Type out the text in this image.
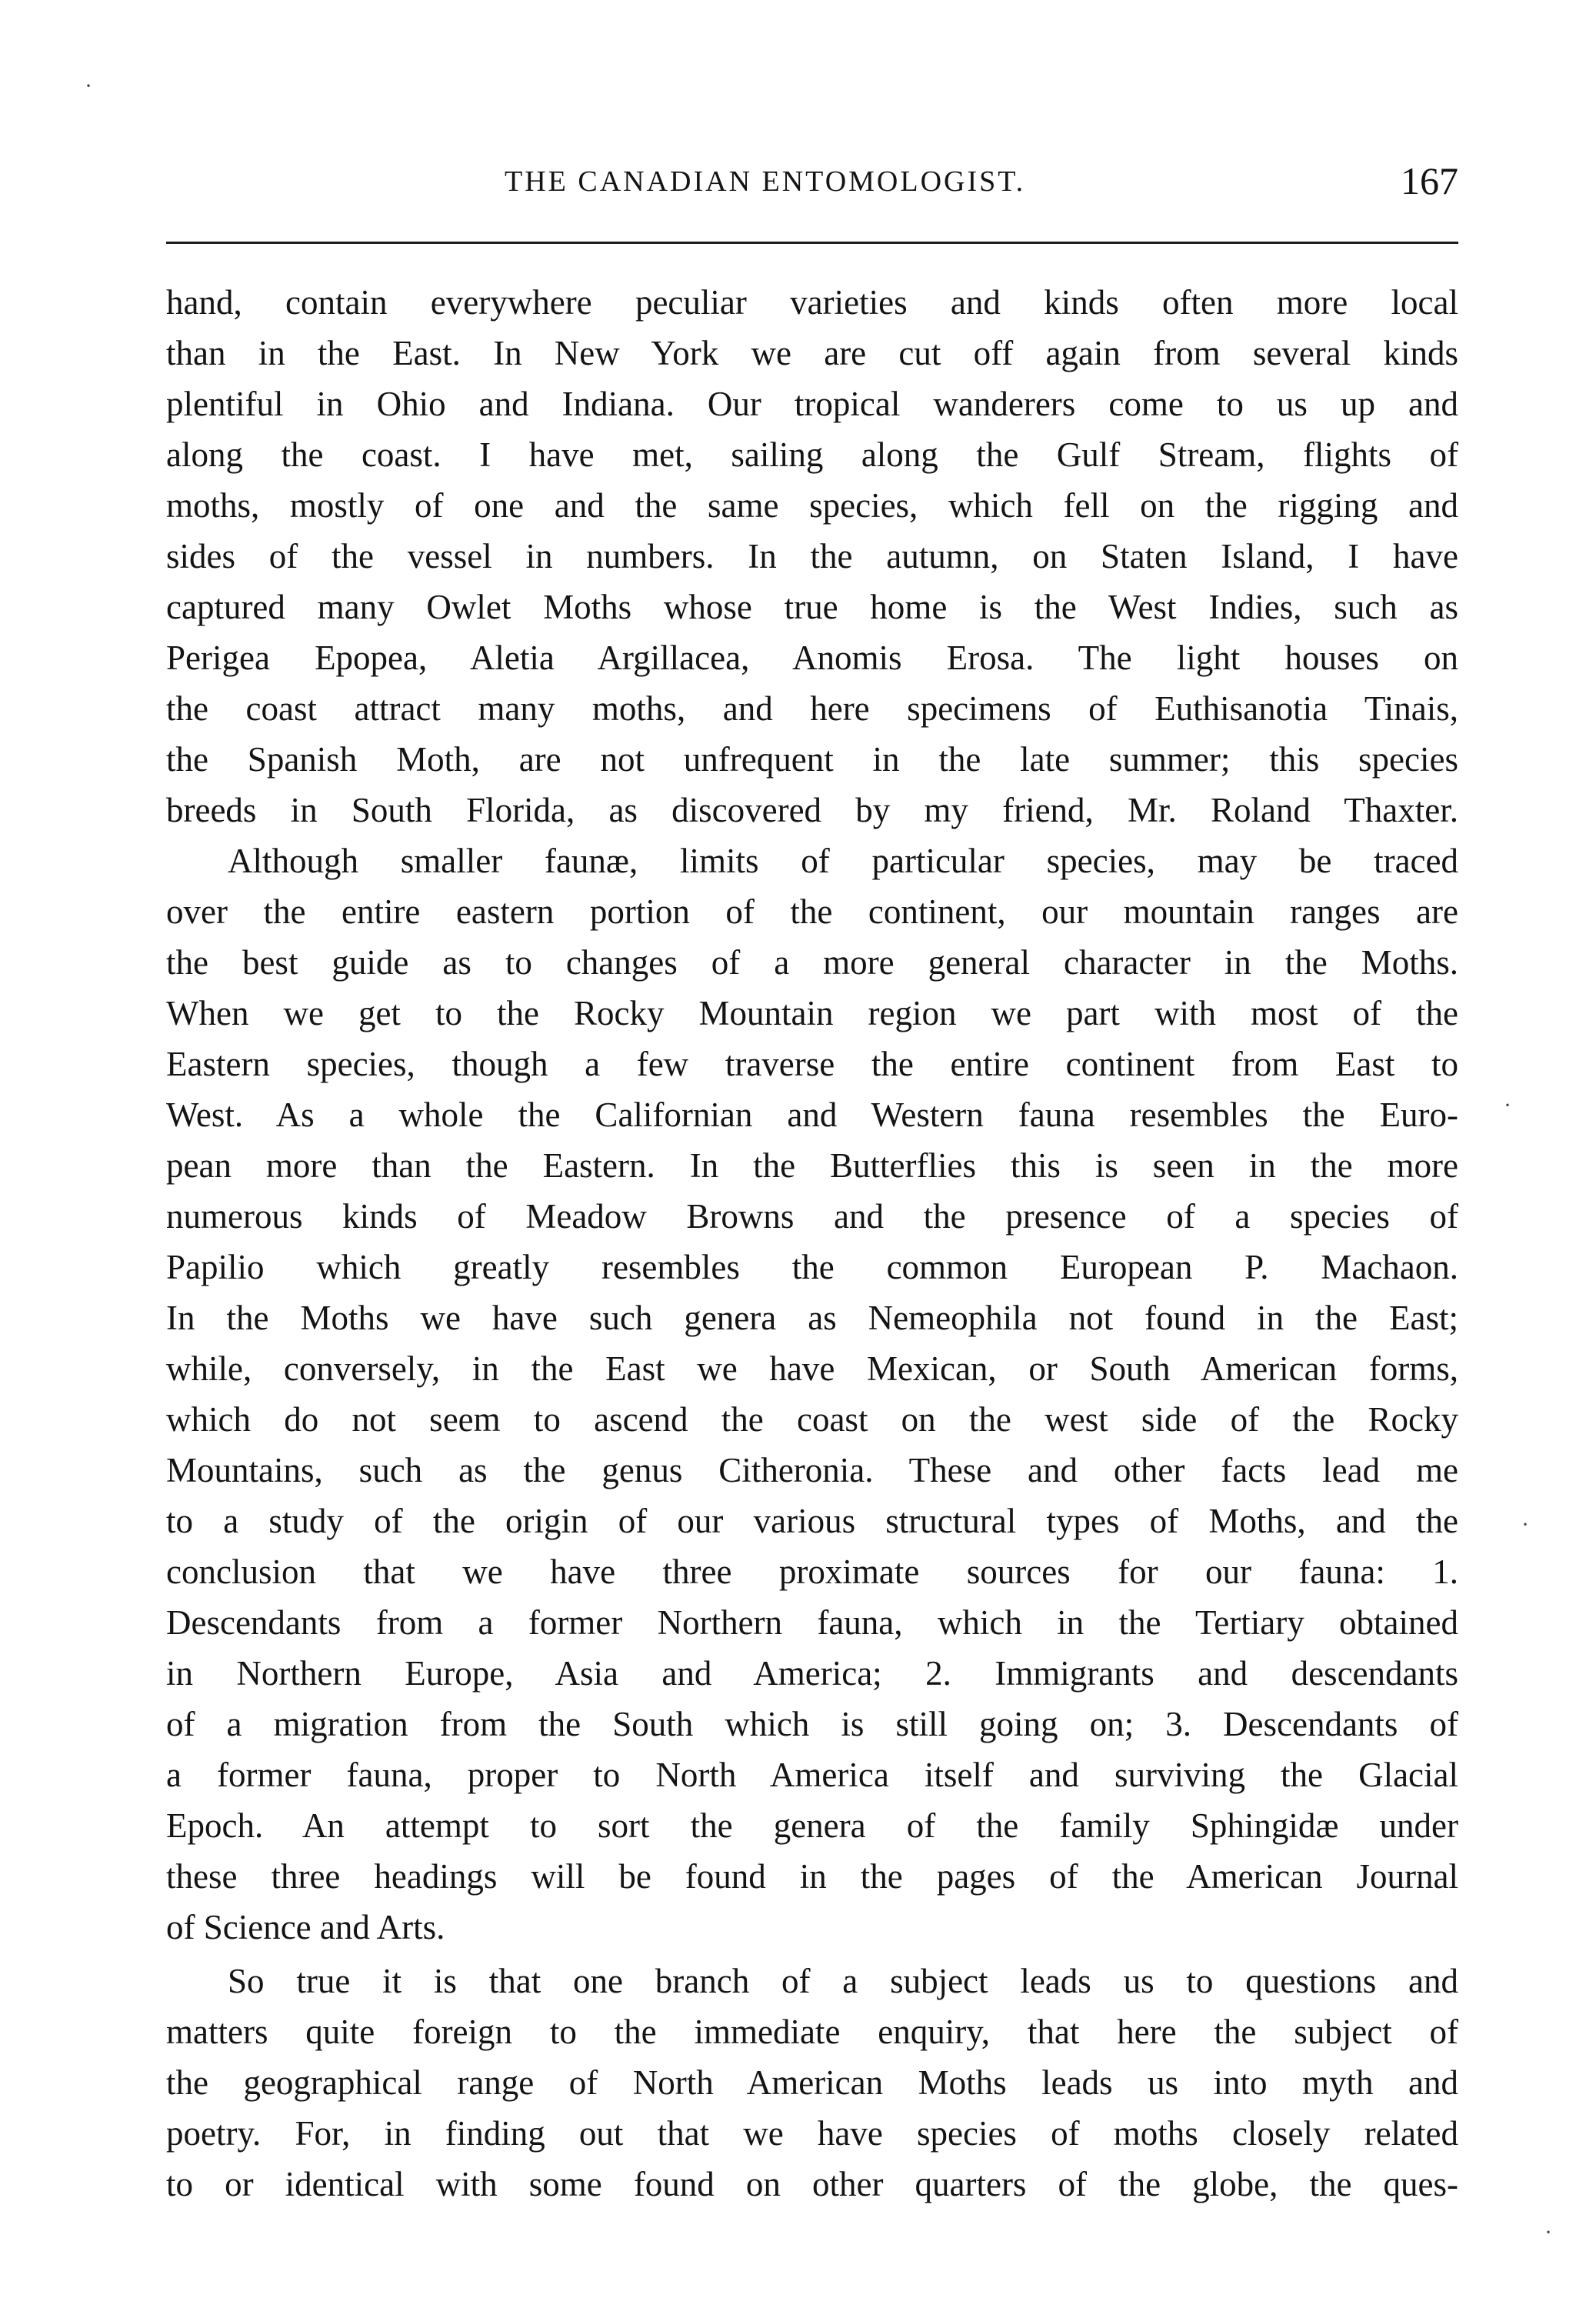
THE CANADIAN ENTOMOLOGIST.	167
hand, contain everywhere peculiar varieties and kinds often more local
than in the East. In New York we are cut off again from several kinds
plentiful in Ohio and Indiana. Our tropical wanderers come to us up and
along the coast. I have met, sailing along the Gulf Stream, flights of
moths, mostly of one and the same species, which fell on the rigging and
sides of the vessel in numbers. In the autumn, on Staten Island, I have
captured many Owlet Moths whose true home is the West Indies, such as
Perigea Epopea, Aletia Argillacea, Anomis Erosa. The light houses on
the coast attract many moths, and here specimens of Euthisanotia Tinais,
the Spanish Moth, are not unfrequent in the late summer; this species
breeds in South Florida, as discovered by my friend, Mr. Roland Thaxter.
Although smaller faunæ, limits of particular species, may be traced
over the entire eastern portion of the continent, our mountain ranges are
the best guide as to changes of a more general character in the Moths.
When we get to the Rocky Mountain region we part with most of the
Eastern species, though a few traverse the entire continent from East to
West. As a whole the Californian and Western fauna resembles the Euro-
pean more than the Eastern. In the Butterflies this is seen in the more
numerous kinds of Meadow Browns and the presence of a species of
Papilio which greatly resembles the common European P. Machaon.
In the Moths we have such genera as Nemeophila not found in the East;
while, conversely, in the East we have Mexican, or South American forms,
which do not seem to ascend the coast on the west side of the Rocky
Mountains, such as the genus Citheronia. These and other facts lead me
to a study of the origin of our various structural types of Moths, and the
conclusion that we have three proximate sources for our fauna: 1.
Descendants from a former Northern fauna, which in the Tertiary obtained
in Northern Europe, Asia and America; 2. Immigrants and descendants
of a migration from the South which is still going on; 3. Descendants of
a former fauna, proper to North America itself and surviving the Glacial
Epoch. An attempt to sort the genera of the family Sphingidæ under
these three headings will be found in the pages of the American Journal
of Science and Arts.
So true it is that one branch of a subject leads us to questions and
matters quite foreign to the immediate enquiry, that here the subject of
the geographical range of North American Moths leads us into myth and
poetry. For, in finding out that we have species of moths closely related
to or identical with some found on other quarters of the globe, the ques-
·
·
·
·
